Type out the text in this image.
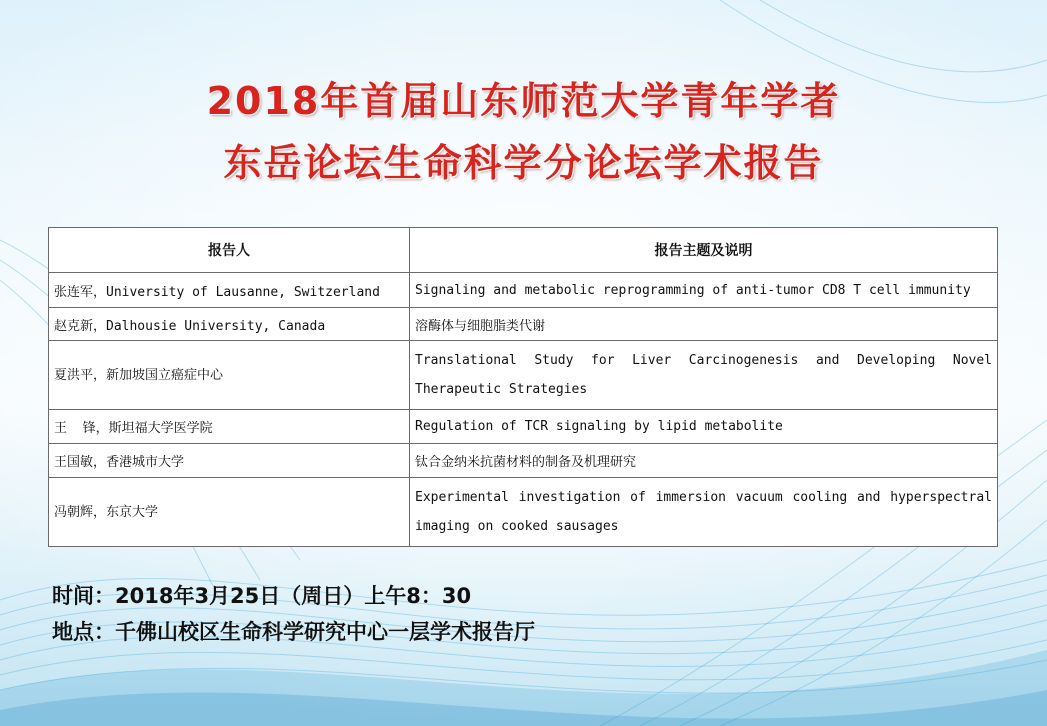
2018年首届山东师范大学青年学者
东岳论坛生命科学分论坛学术报告
报告人	报告主题及说明
张连军，University of Lausanne, Switzerland	Signaling and metabolic reprogramming of anti-tumor CD8 T cell immunity
赵克新，Dalhousie University, Canada	溶酶体与细胞脂类代谢
夏洪平，新加坡国立癌症中心	Translational Study for Liver Carcinogenesis and Developing Novel Therapeutic Strategies
王  锋，斯坦福大学医学院	Regulation of TCR signaling by lipid metabolite
王国敏，香港城市大学	钛合金纳米抗菌材料的制备及机理研究
冯朝辉，东京大学	Experimental investigation of immersion vacuum cooling and hyperspectral imaging on cooked sausages
时间：2018年3月25日（周日）上午8：30
地点：千佛山校区生命科学研究中心一层学术报告厅
